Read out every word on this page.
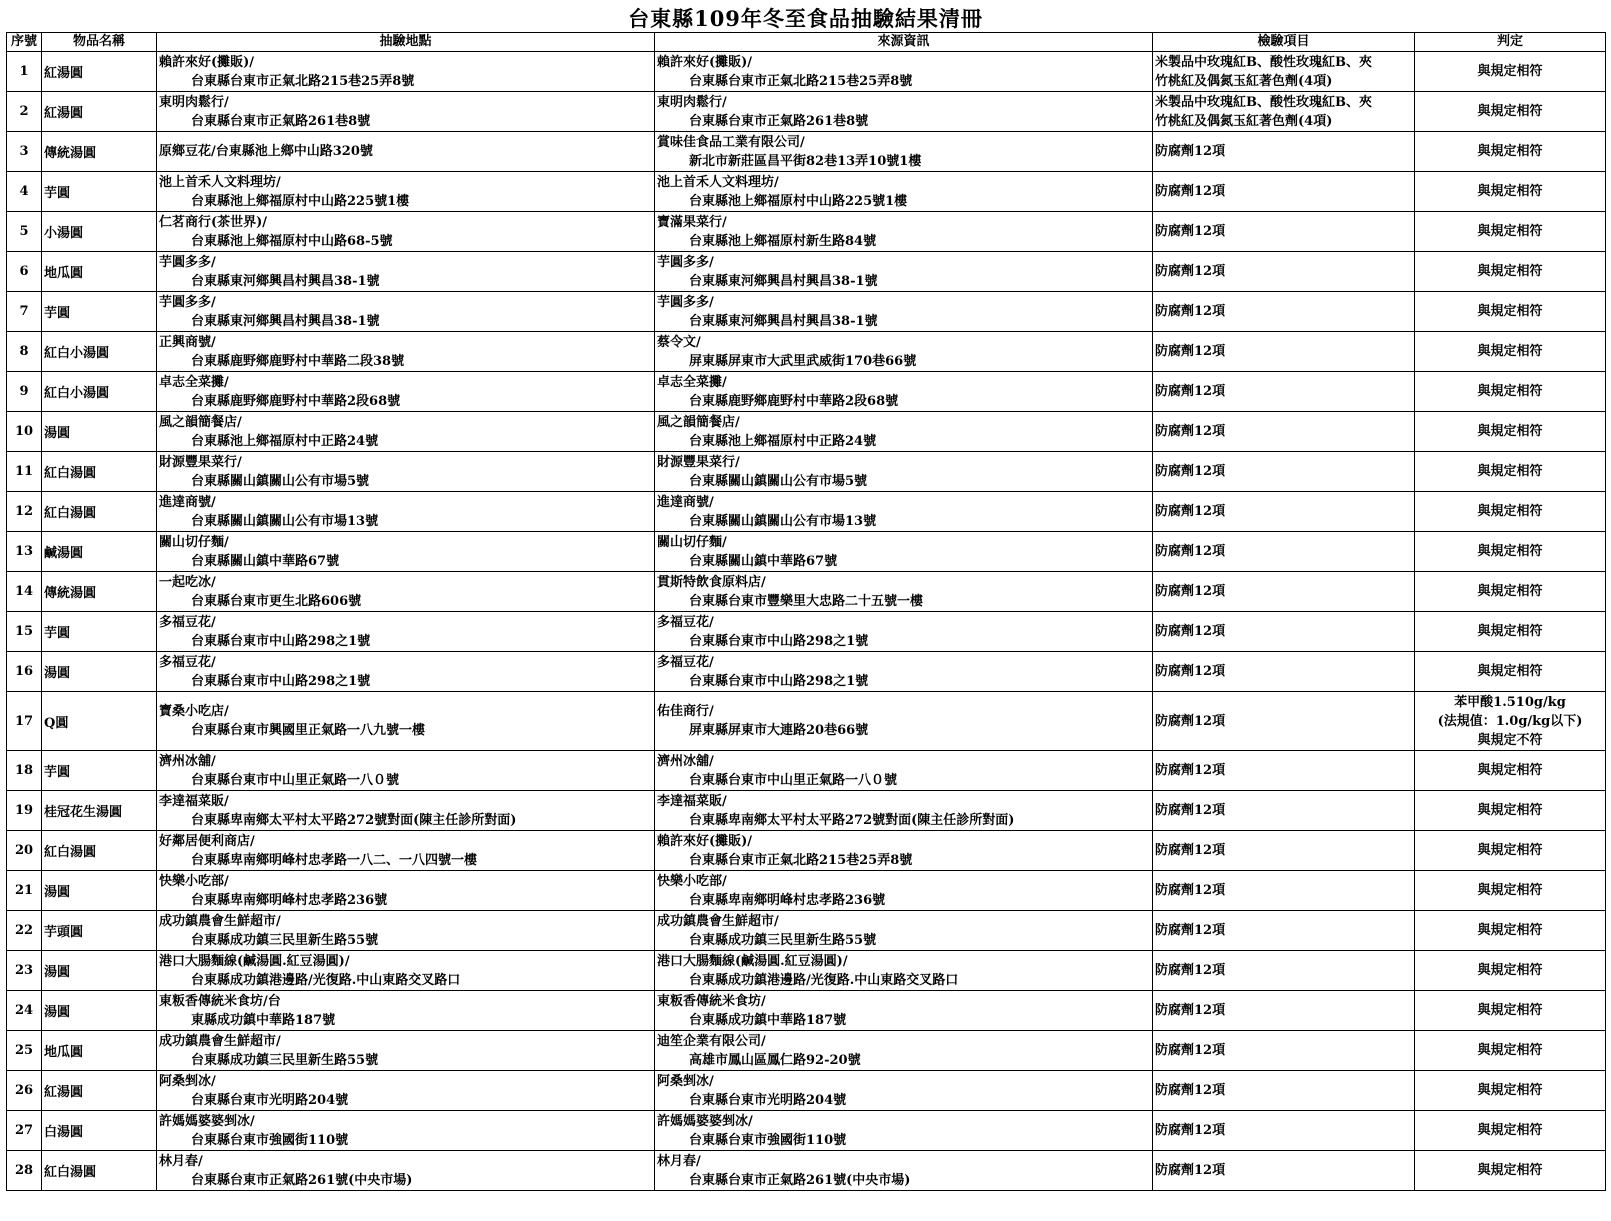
台東縣109年冬至食品抽驗結果清冊
序號	物品名稱	抽驗地點	來源資訊	檢驗項目	判定
1	紅湯圓	賴許來好(攤販)/
台東縣台東市正氣北路215巷25弄8號	賴許來好(攤販)/
台東縣台東市正氣北路215巷25弄8號	米製品中玫瑰紅B、酸性玫瑰紅B、夾
竹桃紅及偶氮玉紅著色劑(4項)	與規定相符

2	紅湯圓	東明肉鬆行/
台東縣台東市正氣路261巷8號	東明肉鬆行/
台東縣台東市正氣路261巷8號	米製品中玫瑰紅B、酸性玫瑰紅B、夾
竹桃紅及偶氮玉紅著色劑(4項)	與規定相符

3	傳統湯圓	原鄉豆花/台東縣池上鄉中山路320號	賞味佳食品工業有限公司/
新北市新莊區昌平街82巷13弄10號1樓	防腐劑12項	與規定相符

4	芋圓	池上首禾人文料理坊/
台東縣池上鄉福原村中山路225號1樓	池上首禾人文料理坊/
台東縣池上鄉福原村中山路225號1樓	防腐劑12項	與規定相符

5	小湯圓	仁茗商行(茶世界)/
台東縣池上鄉福原村中山路68-5號	寶滿果菜行/
台東縣池上鄉福原村新生路84號	防腐劑12項	與規定相符

6	地瓜圓	芋圓多多/
台東縣東河鄉興昌村興昌38-1號	芋圓多多/
台東縣東河鄉興昌村興昌38-1號	防腐劑12項	與規定相符

7	芋圓	芋圓多多/
台東縣東河鄉興昌村興昌38-1號	芋圓多多/
台東縣東河鄉興昌村興昌38-1號	防腐劑12項	與規定相符

8	紅白小湯圓	正興商號/
台東縣鹿野鄉鹿野村中華路二段38號	蔡令文/
屏東縣屏東市大武里武威街170巷66號	防腐劑12項	與規定相符

9	紅白小湯圓	卓志全菜攤/
台東縣鹿野鄉鹿野村中華路2段68號	卓志全菜攤/
台東縣鹿野鄉鹿野村中華路2段68號	防腐劑12項	與規定相符

10	湯圓	風之韻簡餐店/
台東縣池上鄉福原村中正路24號	風之韻簡餐店/
台東縣池上鄉福原村中正路24號	防腐劑12項	與規定相符

11	紅白湯圓	財源豐果菜行/
台東縣關山鎮關山公有市場5號	財源豐果菜行/
台東縣關山鎮關山公有市場5號	防腐劑12項	與規定相符

12	紅白湯圓	進達商號/
台東縣關山鎮關山公有市場13號	進達商號/
台東縣關山鎮關山公有市場13號	防腐劑12項	與規定相符

13	鹹湯圓	關山切仔麵/
台東縣關山鎮中華路67號	關山切仔麵/
台東縣關山鎮中華路67號	防腐劑12項	與規定相符

14	傳統湯圓	一起吃冰/
台東縣台東市更生北路606號	貫斯特飲食原料店/
台東縣台東市豐樂里大忠路二十五號一樓	防腐劑12項	與規定相符

15	芋圓	多福豆花/
台東縣台東市中山路298之1號	多福豆花/
台東縣台東市中山路298之1號	防腐劑12項	與規定相符

16	湯圓	多福豆花/
台東縣台東市中山路298之1號	多福豆花/
台東縣台東市中山路298之1號	防腐劑12項	與規定相符

17	Q圓	寶桑小吃店/
台東縣台東市興國里正氣路一八九號一樓	佑佳商行/
屏東縣屏東市大連路20巷66號	防腐劑12項	苯甲酸1.510g/kg
(法規值：1.0g/kg以下)
與規定不符

18	芋圓	濟州冰舖/
台東縣台東市中山里正氣路一八０號	濟州冰舖/
台東縣台東市中山里正氣路一八０號	防腐劑12項	與規定相符

19	桂冠花生湯圓	李達福菜販/
台東縣卑南鄉太平村太平路272號對面(陳主任診所對面)	李達福菜販/
台東縣卑南鄉太平村太平路272號對面(陳主任診所對面)	防腐劑12項	與規定相符

20	紅白湯圓	好鄰居便利商店/
台東縣卑南鄉明峰村忠孝路一八二、一八四號一樓	賴許來好(攤販)/
台東縣台東市正氣北路215巷25弄8號	防腐劑12項	與規定相符

21	湯圓	快樂小吃部/
台東縣卑南鄉明峰村忠孝路236號	快樂小吃部/
台東縣卑南鄉明峰村忠孝路236號	防腐劑12項	與規定相符

22	芋頭圓	成功鎮農會生鮮超市/
台東縣成功鎮三民里新生路55號	成功鎮農會生鮮超市/
台東縣成功鎮三民里新生路55號	防腐劑12項	與規定相符

23	湯圓	港口大腸麵線(鹹湯圓.紅豆湯圓)/
台東縣成功鎮港邊路/光復路.中山東路交叉路口	港口大腸麵線(鹹湯圓.紅豆湯圓)/
台東縣成功鎮港邊路/光復路.中山東路交叉路口	防腐劑12項	與規定相符

24	湯圓	東粄香傳統米食坊/台
東縣成功鎮中華路187號	東粄香傳統米食坊/
台東縣成功鎮中華路187號	防腐劑12項	與規定相符

25	地瓜圓	成功鎮農會生鮮超市/
台東縣成功鎮三民里新生路55號	迪笙企業有限公司/
高雄市鳳山區鳳仁路92-20號	防腐劑12項	與規定相符

26	紅湯圓	阿桑剉冰/
台東縣台東市光明路204號	阿桑剉冰/
台東縣台東市光明路204號	防腐劑12項	與規定相符

27	白湯圓	許媽媽婆婆剉冰/
台東縣台東市強國街110號	許媽媽婆婆剉冰/
台東縣台東市強國街110號	防腐劑12項	與規定相符

28	紅白湯圓	林月春/
台東縣台東市正氣路261號(中央市場)	林月春/
台東縣台東市正氣路261號(中央市場)	防腐劑12項	與規定相符
